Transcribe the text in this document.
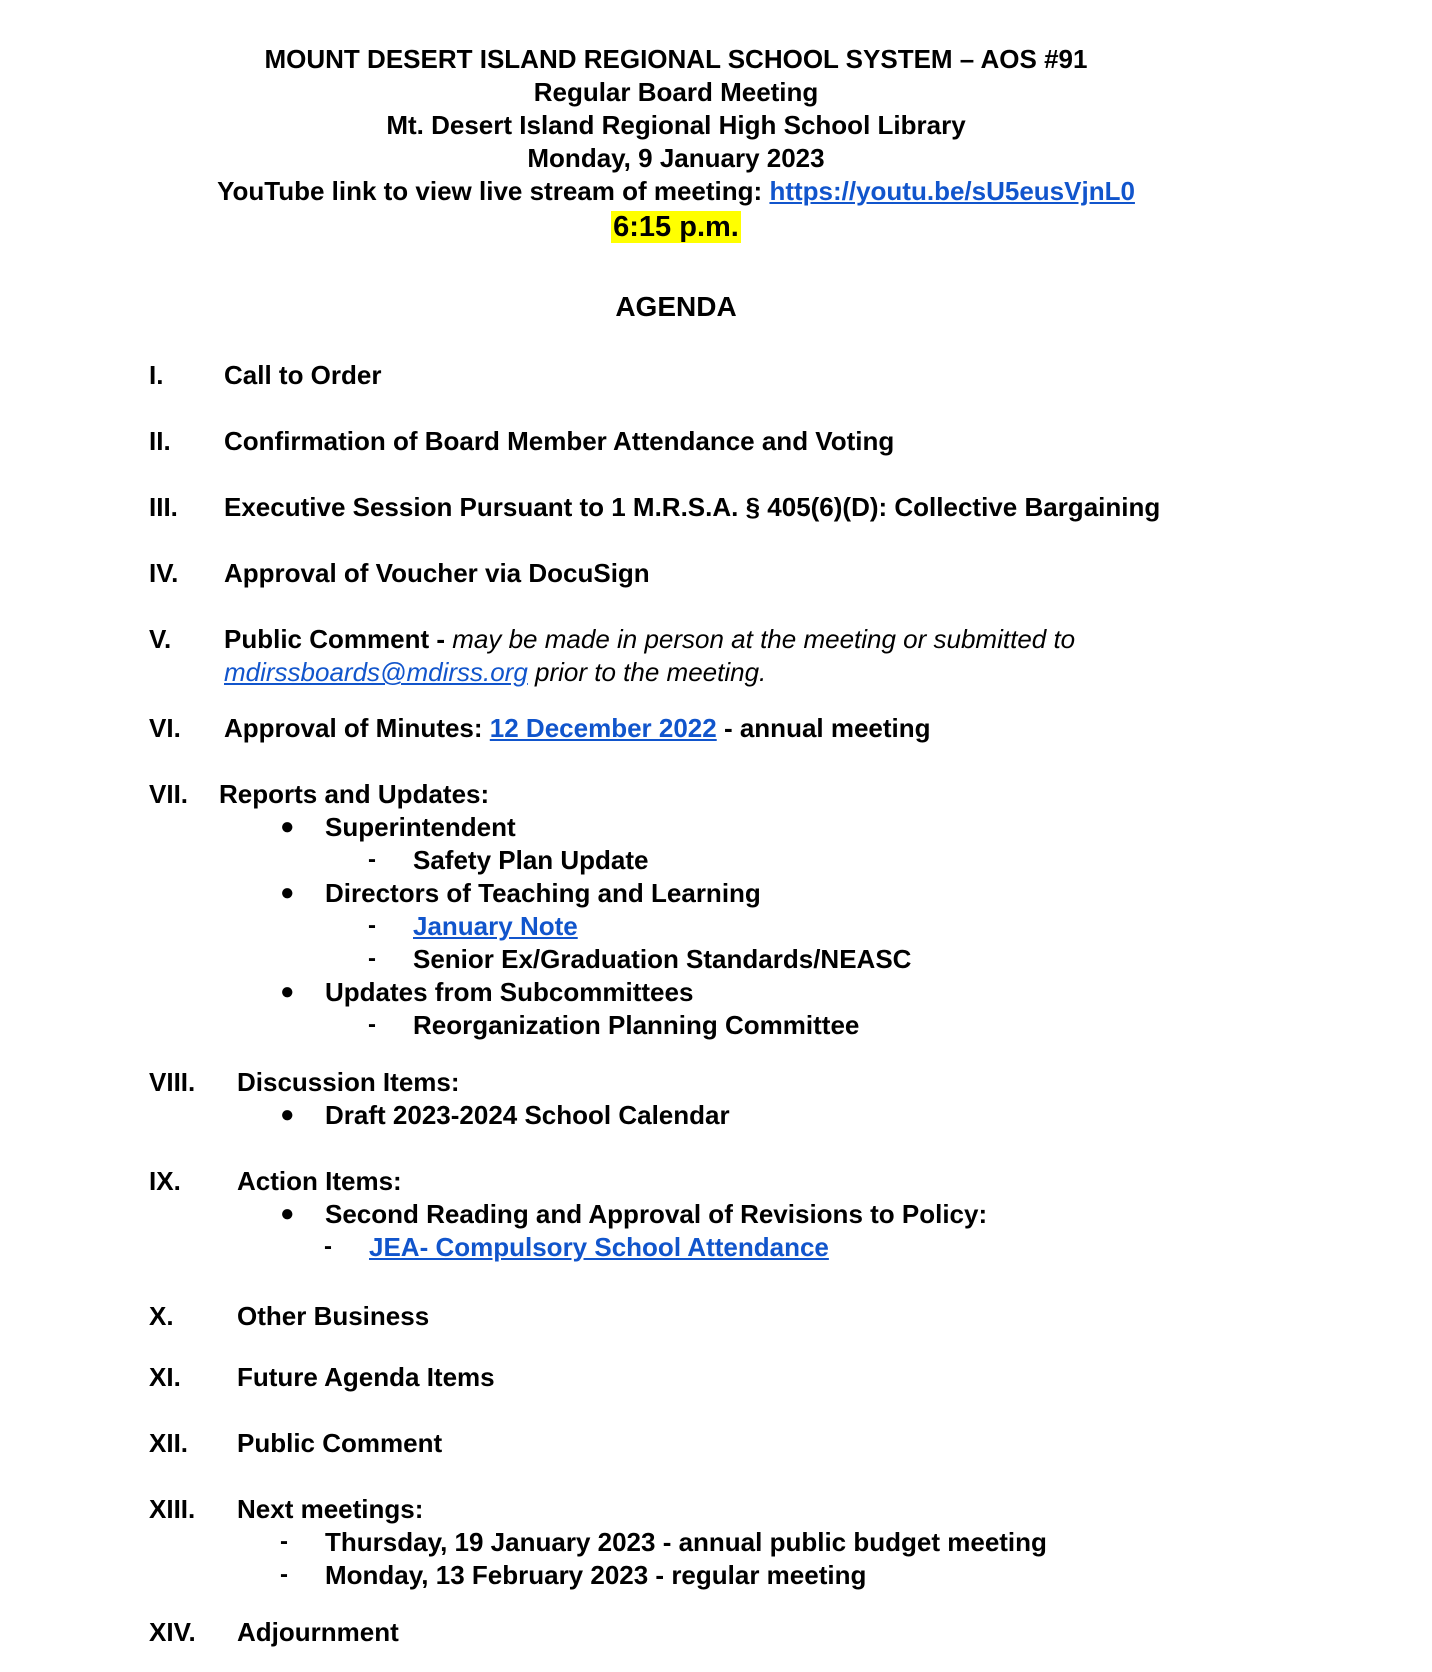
MOUNT DESERT ISLAND REGIONAL SCHOOL SYSTEM – AOS #91
Regular Board Meeting
Mt. Desert Island Regional High School Library
Monday, 9 January 2023
YouTube link to view live stream of meeting: https://youtu.be/sU5eusVjnL0
6:15 p.m.
AGENDA
I. Call to Order
II. Confirmation of Board Member Attendance and Voting
III. Executive Session Pursuant to 1 M.R.S.A. § 405(6)(D): Collective Bargaining
IV. Approval of Voucher via DocuSign
V. Public Comment - may be made in person at the meeting or submitted to
mdirssboards@mdirss.org prior to the meeting.
VI. Approval of Minutes: 12 December 2022 - annual meeting
VII. Reports and Updates:
● Superintendent
- Safety Plan Update
● Directors of Teaching and Learning
- January Note
- Senior Ex/Graduation Standards/NEASC
● Updates from Subcommittees
- Reorganization Planning Committee
VIII. Discussion Items:
● Draft 2023-2024 School Calendar
IX. Action Items:
● Second Reading and Approval of Revisions to Policy:
- JEA- Compulsory School Attendance
X. Other Business
XI. Future Agenda Items
XII. Public Comment
XIII. Next meetings:
- Thursday, 19 January 2023 - annual public budget meeting
- Monday, 13 February 2023 - regular meeting
XIV. Adjournment
